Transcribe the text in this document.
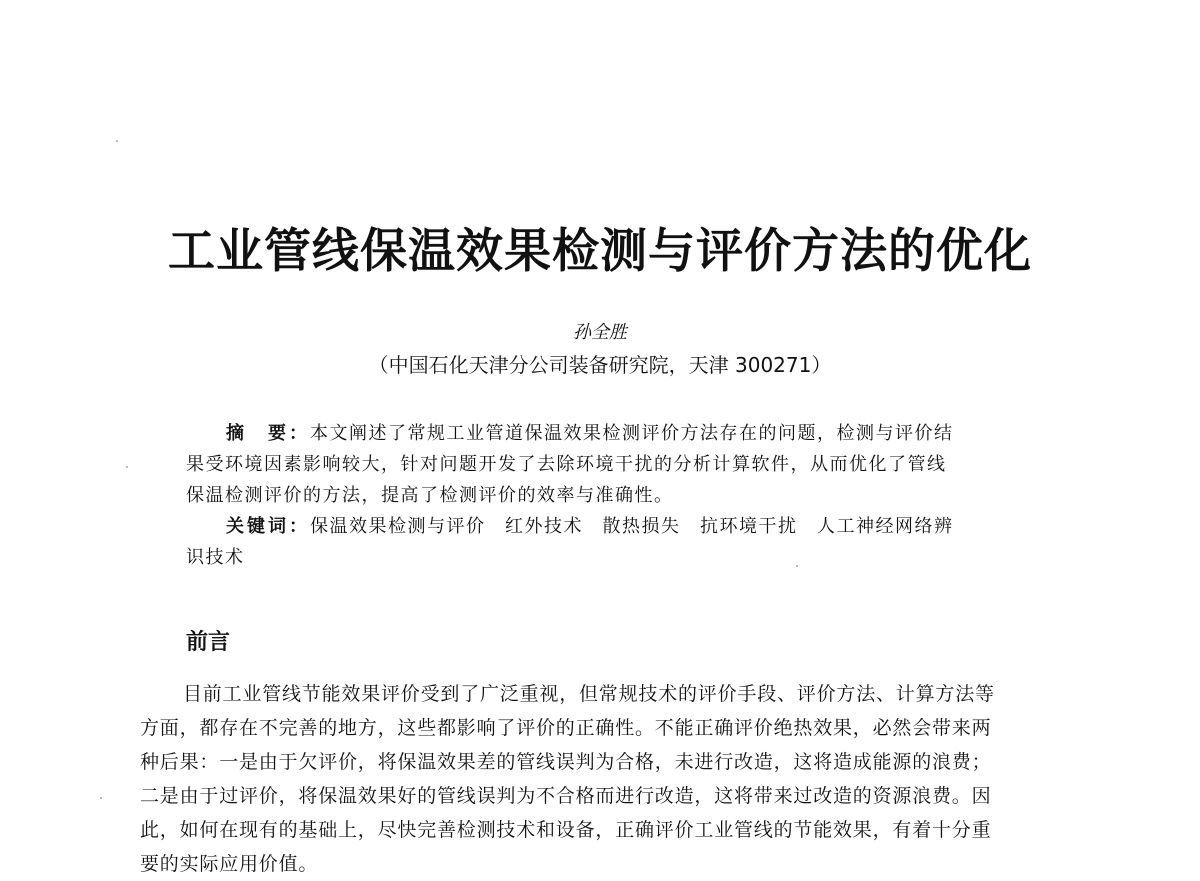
工业管线保温效果检测与评价方法的优化
孙全胜
（中国石化天津分公司装备研究院，天津 300271）
摘　要：本文阐述了常规工业管道保温效果检测评价方法存在的问题，检测与评价结
果受环境因素影响较大，针对问题开发了去除环境干扰的分析计算软件，从而优化了管线
保温检测评价的方法，提高了检测评价的效率与准确性。
关键词：保温效果检测与评价　红外技术　散热损失　抗环境干扰　人工神经网络辨
识技术
前言
目前工业管线节能效果评价受到了广泛重视，但常规技术的评价手段、评价方法、计算方法等
方面，都存在不完善的地方，这些都影响了评价的正确性。不能正确评价绝热效果，必然会带来两
种后果：一是由于欠评价，将保温效果差的管线误判为合格，未进行改造，这将造成能源的浪费；
二是由于过评价，将保温效果好的管线误判为不合格而进行改造，这将带来过改造的资源浪费。因
此，如何在现有的基础上，尽快完善检测技术和设备，正确评价工业管线的节能效果，有着十分重
要的实际应用价值。
